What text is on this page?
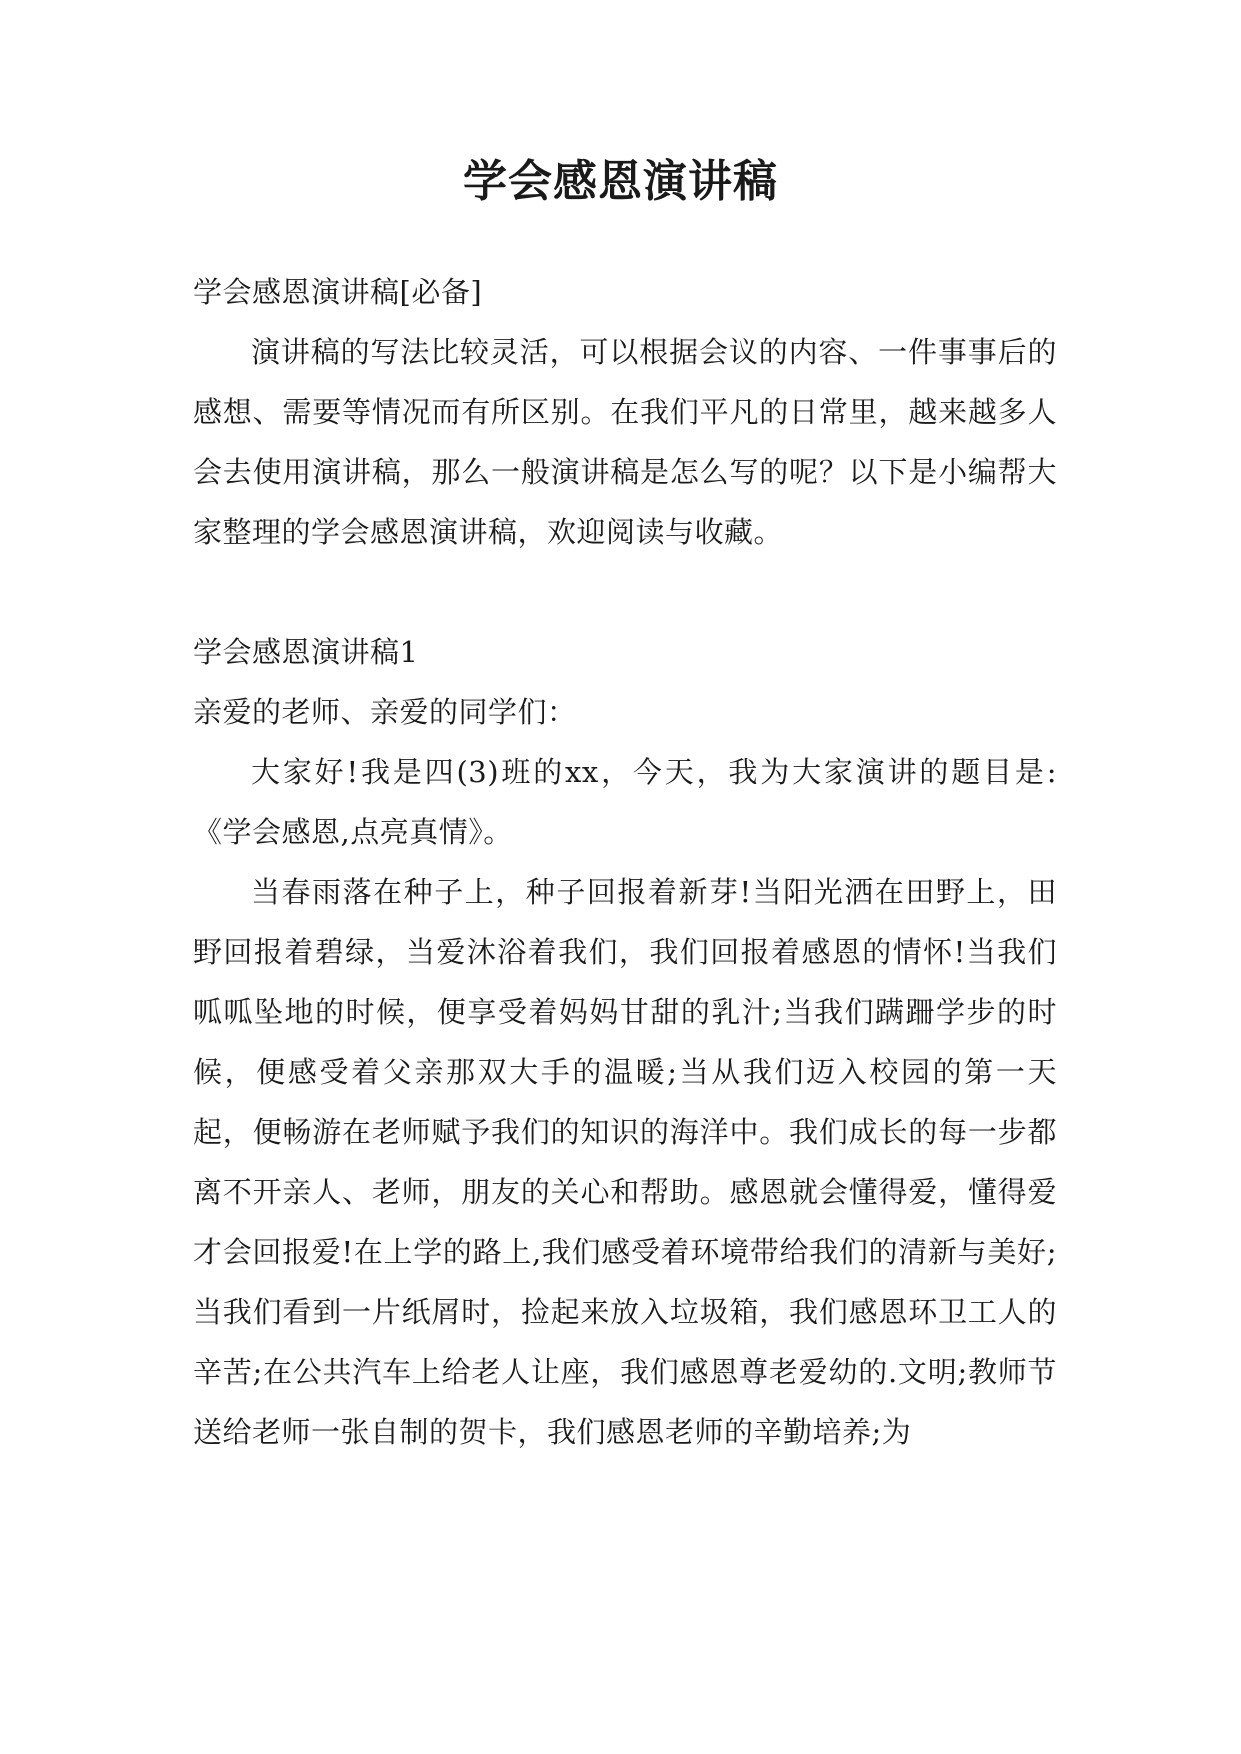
学会感恩演讲稿

学会感恩演讲稿[必备]

演讲稿的写法比较灵活，可以根据会议的内容、一件事事后的感想、需要等情况而有所区别。在我们平凡的日常里，越来越多人会去使用演讲稿，那么一般演讲稿是怎么写的呢？以下是小编帮大家整理的学会感恩演讲稿，欢迎阅读与收藏。

学会感恩演讲稿1

亲爱的老师、亲爱的同学们：

大家好!我是四(3)班的xx，今天，我为大家演讲的题目是:《学会感恩,点亮真情》。

当春雨落在种子上，种子回报着新芽!当阳光洒在田野上，田野回报着碧绿，当爱沐浴着我们，我们回报着感恩的情怀!当我们呱呱坠地的时候，便享受着妈妈甘甜的乳汁;当我们蹒跚学步的时候，便感受着父亲那双大手的温暖;当从我们迈入校园的第一天起，便畅游在老师赋予我们的知识的海洋中。我们成长的每一步都离不开亲人、老师，朋友的关心和帮助。感恩就会懂得爱，懂得爱才会回报爱!在上学的路上,我们感受着环境带给我们的清新与美好;当我们看到一片纸屑时，捡起来放入垃圾箱，我们感恩环卫工人的辛苦;在公共汽车上给老人让座，我们感恩尊老爱幼的.文明;教师节送给老师一张自制的贺卡，我们感恩老师的辛勤培养;为
